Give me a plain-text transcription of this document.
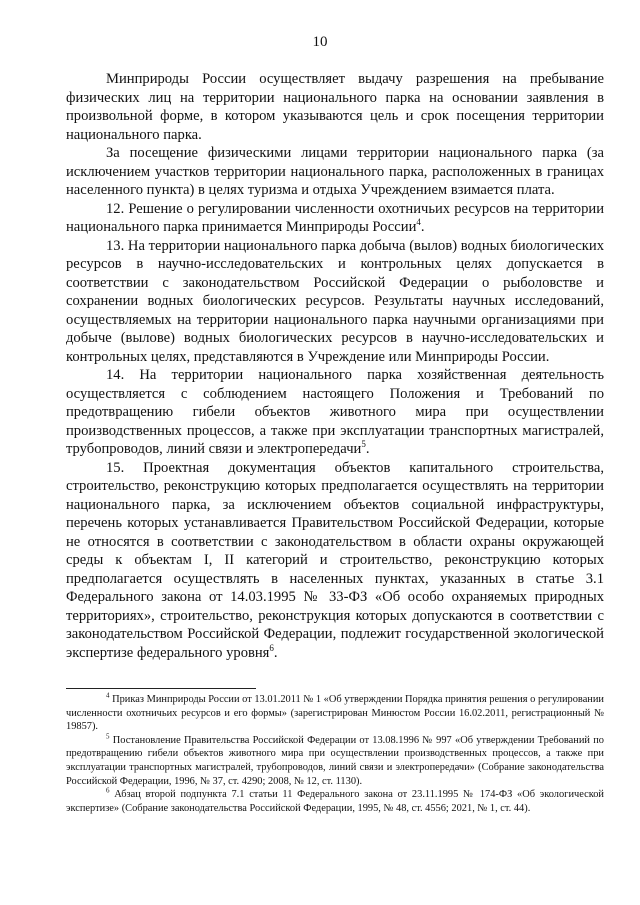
10

Минприроды России осуществляет выдачу разрешения на пребывание физических лиц на территории национального парка на основании заявления в произвольной форме, в котором указываются цель и срок посещения территории национального парка.

За посещение физическими лицами территории национального парка (за исключением участков территории национального парка, расположенных в границах населенного пункта) в целях туризма и отдыха Учреждением взимается плата.

12. Решение о регулировании численности охотничьих ресурсов на территории национального парка принимается Минприроды России$^4$.

13. На территории национального парка добыча (вылов) водных биологических ресурсов в научно-исследовательских и контрольных целях допускается в соответствии с законодательством Российской Федерации о рыболовстве и сохранении водных биологических ресурсов. Результаты научных исследований, осуществляемых на территории национального парка научными организациями при добыче (вылове) водных биологических ресурсов в научно-исследовательских и контрольных целях, представляются в Учреждение или Минприроды России.

14. На территории национального парка хозяйственная деятельность осуществляется с соблюдением настоящего Положения и Требований по предотвращению гибели объектов животного мира при осуществлении производственных процессов, а также при эксплуатации транспортных магистралей, трубопроводов, линий связи и электропередачи$^5$.

15. Проектная документация объектов капитального строительства, строительство, реконструкцию которых предполагается осуществлять на территории национального парка, за исключением объектов социальной инфраструктуры, перечень которых устанавливается Правительством Российской Федерации, которые не относятся в соответствии с законодательством в области охраны окружающей среды к объектам I, II категорий и строительство, реконструкцию которых предполагается осуществлять в населенных пунктах, указанных в статье 3.1 Федерального закона от 14.03.1995 № 33-ФЗ «Об особо охраняемых природных территориях», строительство, реконструкция которых допускаются в соответствии с законодательством Российской Федерации, подлежит государственной экологической экспертизе федерального уровня$^6$.

$^4$ Приказ Минприроды России от 13.01.2011 № 1 «Об утверждении Порядка принятия решения о регулировании численности охотничьих ресурсов и его формы» (зарегистрирован Минюстом России 16.02.2011, регистрационный № 19857).

$^5$ Постановление Правительства Российской Федерации от 13.08.1996 № 997 «Об утверждении Требований по предотвращению гибели объектов животного мира при осуществлении производственных процессов, а также при эксплуатации транспортных магистралей, трубопроводов, линий связи и электропередачи» (Собрание законодательства Российской Федерации, 1996, № 37, ст. 4290; 2008, № 12, ст. 1130).

$^6$ Абзац второй подпункта 7.1 статьи 11 Федерального закона от 23.11.1995 № 174-ФЗ «Об экологической экспертизе» (Собрание законодательства Российской Федерации, 1995, № 48, ст. 4556; 2021, № 1, ст. 44).
